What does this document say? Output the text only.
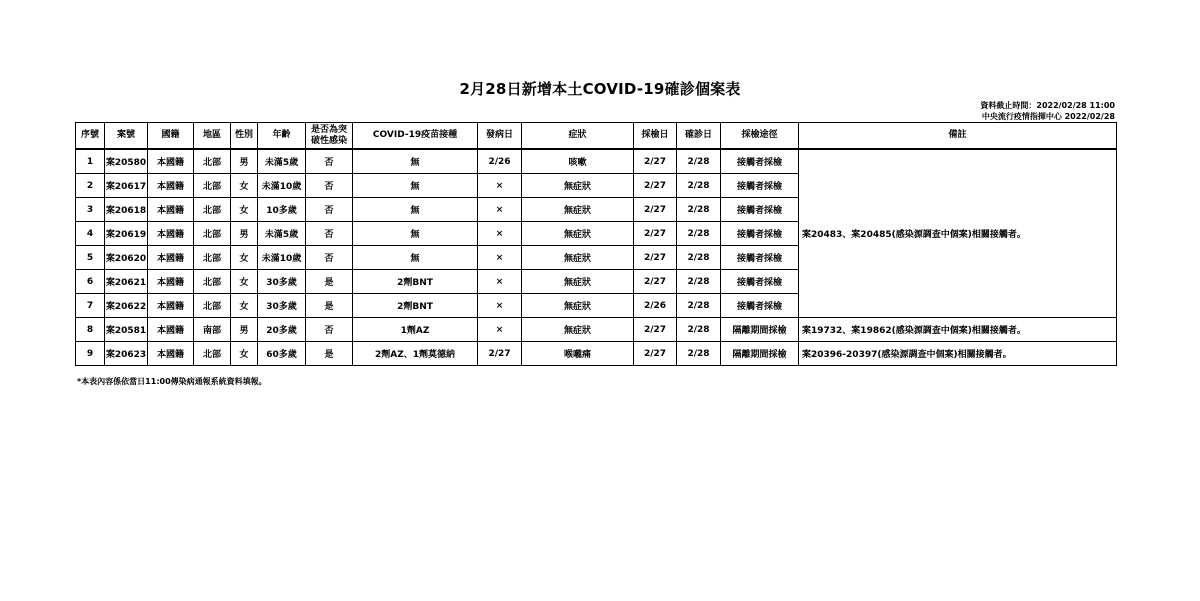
2月28日新增本土COVID-19確診個案表
資料截止時間：2022/02/28 11:00
中央流行疫情指揮中心 2022/02/28
序號	案號	國籍	地區	性別	年齡	是否為突破性感染	COVID-19疫苗接種	發病日	症狀	採檢日	確診日	採檢途徑	備註
1	案20580	本國籍	北部	男	未滿5歲	否	無	2/26	咳嗽	2/27	2/28	接觸者採檢	案20483、案20485(感染源調查中個案)相關接觸者。
2	案20617	本國籍	北部	女	未滿10歲	否	無	×	無症狀	2/27	2/28	接觸者採檢	
3	案20618	本國籍	北部	女	10多歲	否	無	×	無症狀	2/27	2/28	接觸者採檢	
4	案20619	本國籍	北部	男	未滿5歲	否	無	×	無症狀	2/27	2/28	接觸者採檢	
5	案20620	本國籍	北部	女	未滿10歲	否	無	×	無症狀	2/27	2/28	接觸者採檢	
6	案20621	本國籍	北部	女	30多歲	是	2劑BNT	×	無症狀	2/27	2/28	接觸者採檢	
7	案20622	本國籍	北部	女	30多歲	是	2劑BNT	×	無症狀	2/26	2/28	接觸者採檢	
8	案20581	本國籍	南部	男	20多歲	否	1劑AZ	×	無症狀	2/27	2/28	隔離期間採檢	案19732、案19862(感染源調查中個案)相關接觸者。
9	案20623	本國籍	北部	女	60多歲	是	2劑AZ、1劑莫德納	2/27	喉嚨痛	2/27	2/28	隔離期間採檢	案20396-20397(感染源調查中個案)相關接觸者。
*本表內容係依當日11:00傳染病通報系統資料填報。
